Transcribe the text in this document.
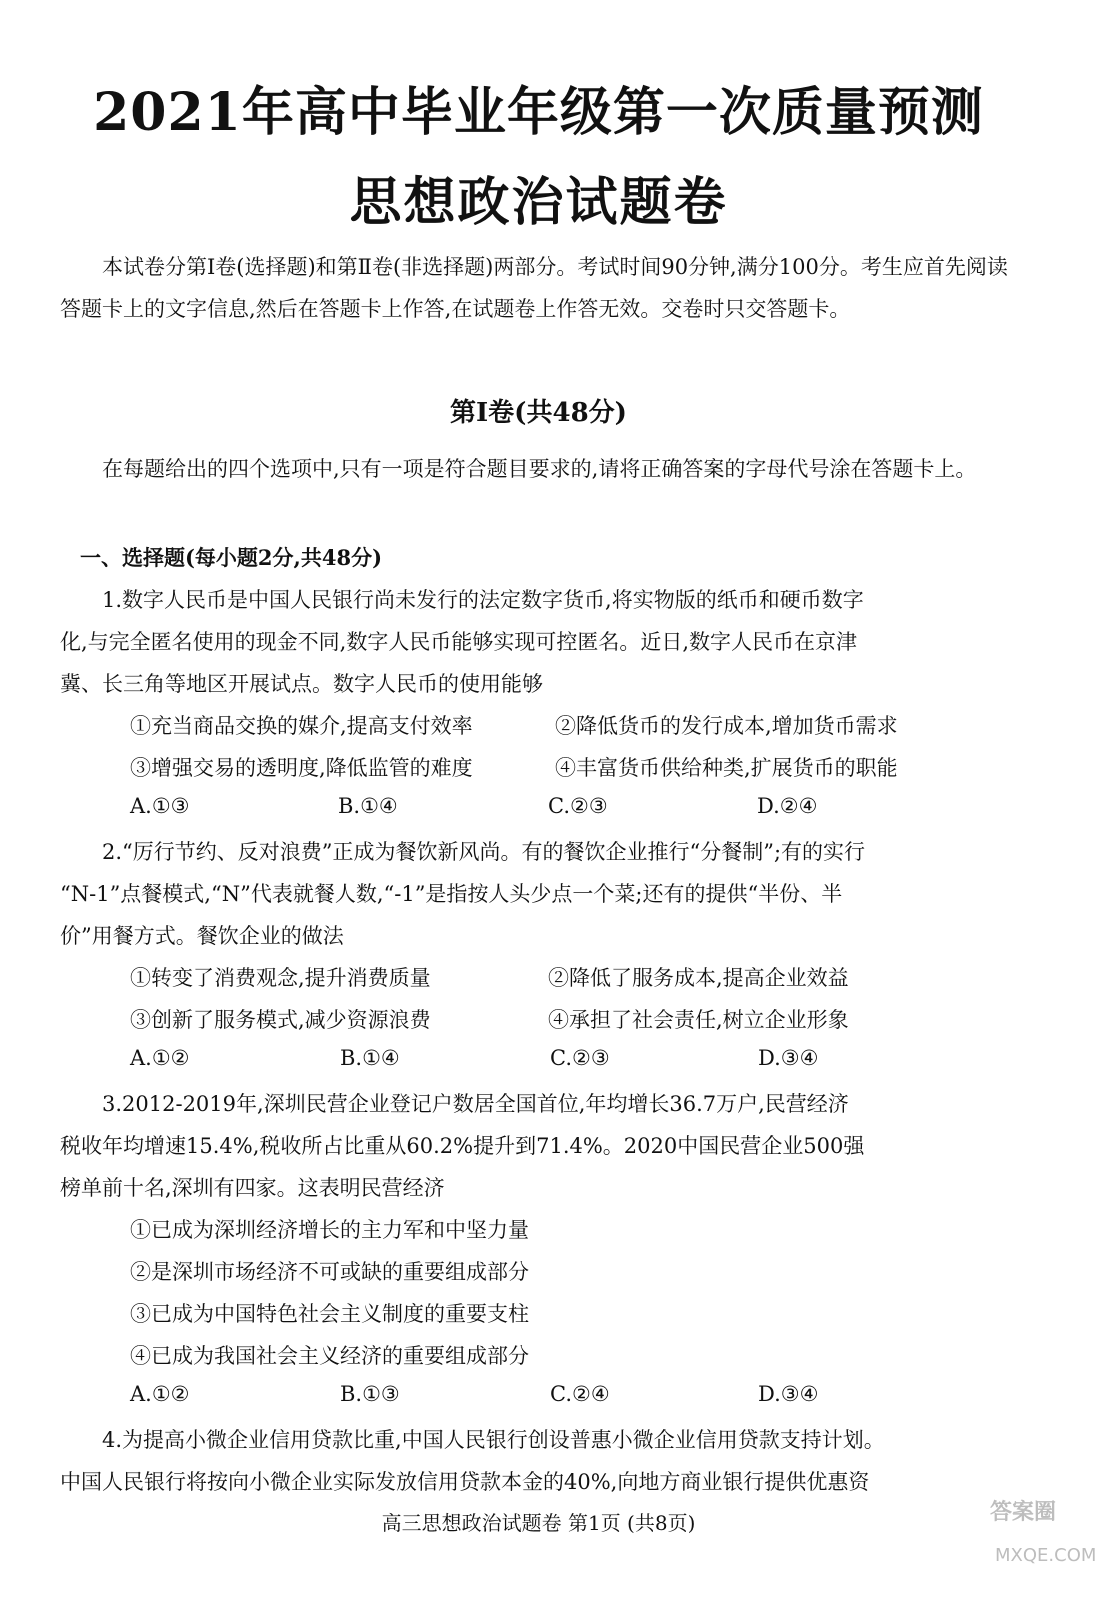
2021年高中毕业年级第一次质量预测
思想政治试题卷
本试卷分第Ⅰ卷(选择题)和第Ⅱ卷(非选择题)两部分。考试时间90分钟,满分100分。考生应首先阅读答题卡上的文字信息,然后在答题卡上作答,在试题卷上作答无效。交卷时只交答题卡。
第Ⅰ卷(共48分)
在每题给出的四个选项中,只有一项是符合题目要求的,请将正确答案的字母代号涂在答题卡上。
一、选择题(每小题2分,共48分)
1.数字人民币是中国人民银行尚未发行的法定数字货币,将实物版的纸币和硬币数字
化,与完全匿名使用的现金不同,数字人民币能够实现可控匿名。近日,数字人民币在京津
冀、长三角等地区开展试点。数字人民币的使用能够
①充当商品交换的媒介,提高支付效率	②降低货币的发行成本,增加货币需求
③增强交易的透明度,降低监管的难度	④丰富货币供给种类,扩展货币的职能
A.①③	B.①④	C.②③	D.②④
2.“厉行节约、反对浪费”正成为餐饮新风尚。有的餐饮企业推行“分餐制”;有的实行
“N-1”点餐模式,“N”代表就餐人数,“-1”是指按人头少点一个菜;还有的提供“半份、半
价”用餐方式。餐饮企业的做法
①转变了消费观念,提升消费质量	②降低了服务成本,提高企业效益
③创新了服务模式,减少资源浪费	④承担了社会责任,树立企业形象
A.①②	B.①④	C.②③	D.③④
3.2012-2019年,深圳民营企业登记户数居全国首位,年均增长36.7万户,民营经济
税收年均增速15.4%,税收所占比重从60.2%提升到71.4%。2020中国民营企业500强
榜单前十名,深圳有四家。这表明民营经济
①已成为深圳经济增长的主力军和中坚力量
②是深圳市场经济不可或缺的重要组成部分
③已成为中国特色社会主义制度的重要支柱
④已成为我国社会主义经济的重要组成部分
A.①②	B.①③	C.②④	D.③④
4.为提高小微企业信用贷款比重,中国人民银行创设普惠小微企业信用贷款支持计划。
中国人民银行将按向小微企业实际发放信用贷款本金的40%,向地方商业银行提供优惠资
高三思想政治试题卷 第1页 (共8页)	答案圈
MXQE.COM
